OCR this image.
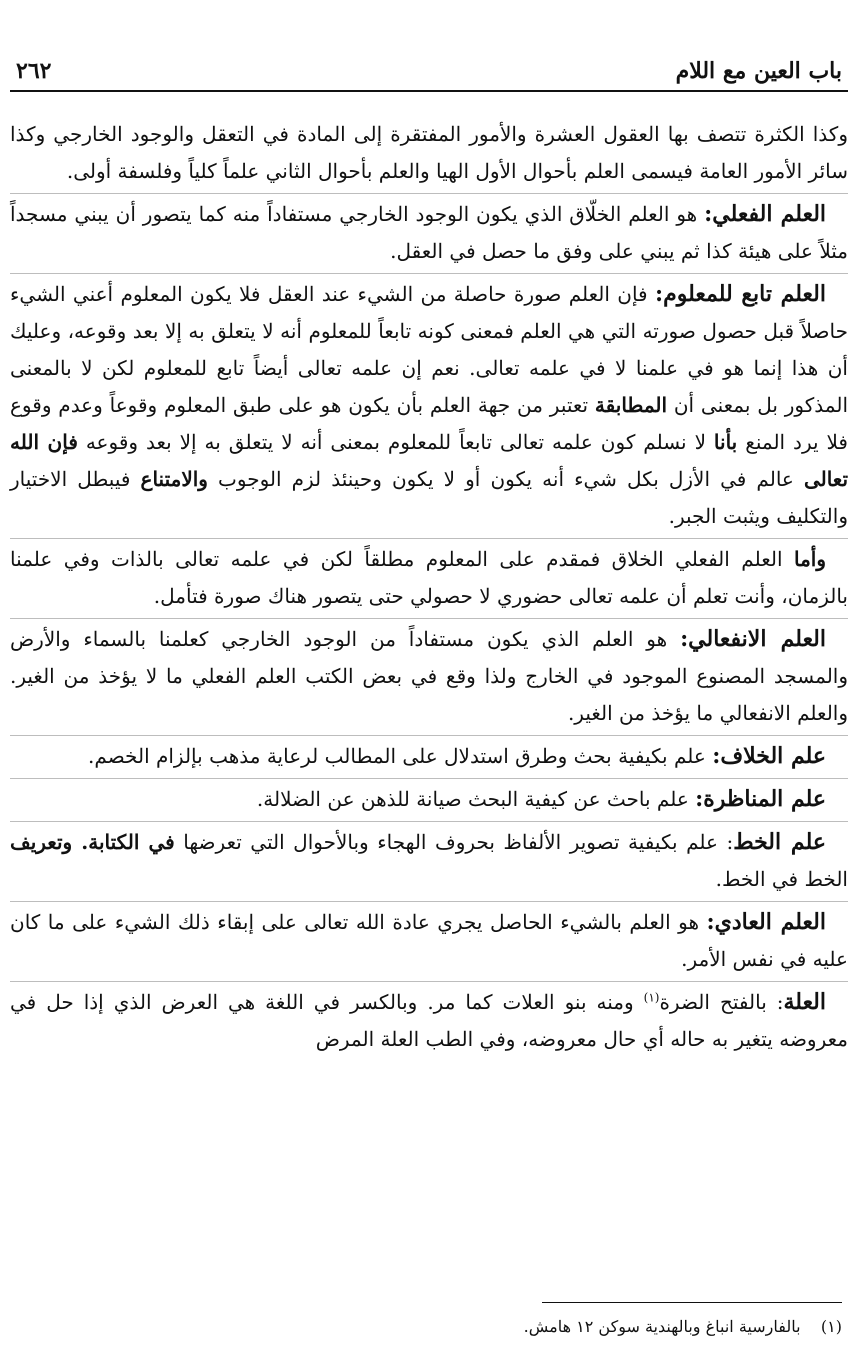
باب العين مع اللام
٢٦٢

وكذا الكثرة تتصف بها العقول العشرة والأمور المفتقرة إلى المادة في التعقل والوجود الخارجي وكذا سائر الأمور العامة فيسمى العلم بأحوال الأول الهيا والعلم بأحوال الثاني علماً كلياً وفلسفة أولى.

العلم الفعلي: هو العلم الخلّاق الذي يكون الوجود الخارجي مستفاداً منه كما يتصور أن يبني مسجداً مثلاً على هيئة كذا ثم يبني على وفق ما حصل في العقل.

العلم تابع للمعلوم: فإن العلم صورة حاصلة من الشيء عند العقل فلا يكون المعلوم أعني الشيء حاصلاً قبل حصول صورته التي هي العلم فمعنى كونه تابعاً للمعلوم أنه لا يتعلق به إلا بعد وقوعه، وعليك أن هذا إنما هو في علمنا لا في علمه تعالى. نعم إن علمه تعالى أيضاً تابع للمعلوم لكن لا بالمعنى المذكور بل بمعنى أن المطابقة تعتبر من جهة العلم بأن يكون هو على طبق المعلوم وقوعاً وعدم وقوع فلا يرد المنع بأنا لا نسلم كون علمه تعالى تابعاً للمعلوم بمعنى أنه لا يتعلق به إلا بعد وقوعه فإن الله تعالى عالم في الأزل بكل شيء أنه يكون أو لا يكون وحينئذ لزم الوجوب والامتناع فيبطل الاختيار والتكليف ويثبت الجبر.

وأما العلم الفعلي الخلاق فمقدم على المعلوم مطلقاً لكن في علمه تعالى بالذات وفي علمنا بالزمان، وأنت تعلم أن علمه تعالى حضوري لا حصولي حتى يتصور هناك صورة فتأمل.

العلم الانفعالي: هو العلم الذي يكون مستفاداً من الوجود الخارجي كعلمنا بالسماء والأرض والمسجد المصنوع الموجود في الخارج ولذا وقع في بعض الكتب العلم الفعلي ما لا يؤخذ من الغير. والعلم الانفعالي ما يؤخذ من الغير.

علم الخلاف: علم بكيفية بحث وطرق استدلال على المطالب لرعاية مذهب بإلزام الخصم.

علم المناظرة: علم باحث عن كيفية البحث صيانة للذهن عن الضلالة.

علم الخط: علم بكيفية تصوير الألفاظ بحروف الهجاء وبالأحوال التي تعرضها في الكتابة. وتعريف الخط في الخط.

العلم العادي: هو العلم بالشيء الحاصل يجري عادة الله تعالى على إبقاء ذلك الشيء على ما كان عليه في نفس الأمر.

العلة: بالفتح الضرة$^{(١)}$ ومنه بنو العلات كما مر. وبالكسر في اللغة هي العرض الذي إذا حل في معروضه يتغير به حاله أي حال معروضه، وفي الطب العلة المرض

(١)    بالفارسية انباغ وبالهندية سوكن ١٢ هامش.
